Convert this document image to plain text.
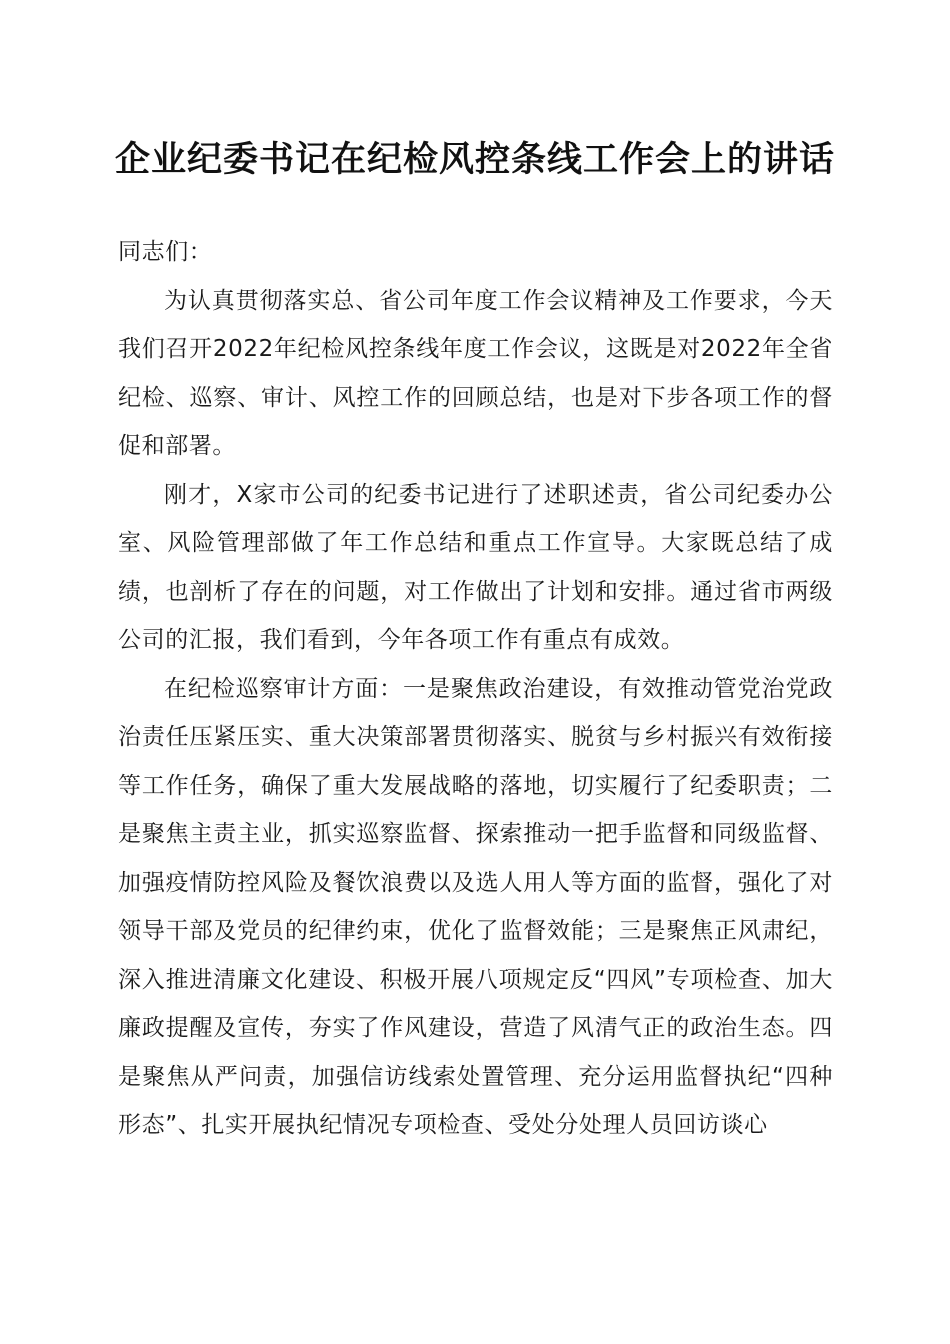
企业纪委书记在纪检风控条线工作会上的讲话

同志们：

为认真贯彻落实总、省公司年度工作会议精神及工作要求，今天我们召开2022年纪检风控条线年度工作会议，这既是对2022年全省纪检、巡察、审计、风控工作的回顾总结，也是对下步各项工作的督促和部署。

刚才，X家市公司的纪委书记进行了述职述责，省公司纪委办公室、风险管理部做了年工作总结和重点工作宣导。大家既总结了成绩，也剖析了存在的问题，对工作做出了计划和安排。通过省市两级公司的汇报，我们看到，今年各项工作有重点有成效。

在纪检巡察审计方面：一是聚焦政治建设，有效推动管党治党政治责任压紧压实、重大决策部署贯彻落实、脱贫与乡村振兴有效衔接等工作任务，确保了重大发展战略的落地，切实履行了纪委职责；二是聚焦主责主业，抓实巡察监督、探索推动一把手监督和同级监督、加强疫情防控风险及餐饮浪费以及选人用人等方面的监督，强化了对领导干部及党员的纪律约束，优化了监督效能；三是聚焦正风肃纪，深入推进清廉文化建设、积极开展八项规定反“四风”专项检查、加大廉政提醒及宣传，夯实了作风建设，营造了风清气正的政治生态。四是聚焦从严问责，加强信访线索处置管理、充分运用监督执纪“四种形态”、扎实开展执纪情况专项检查、受处分处理人员回访谈心
